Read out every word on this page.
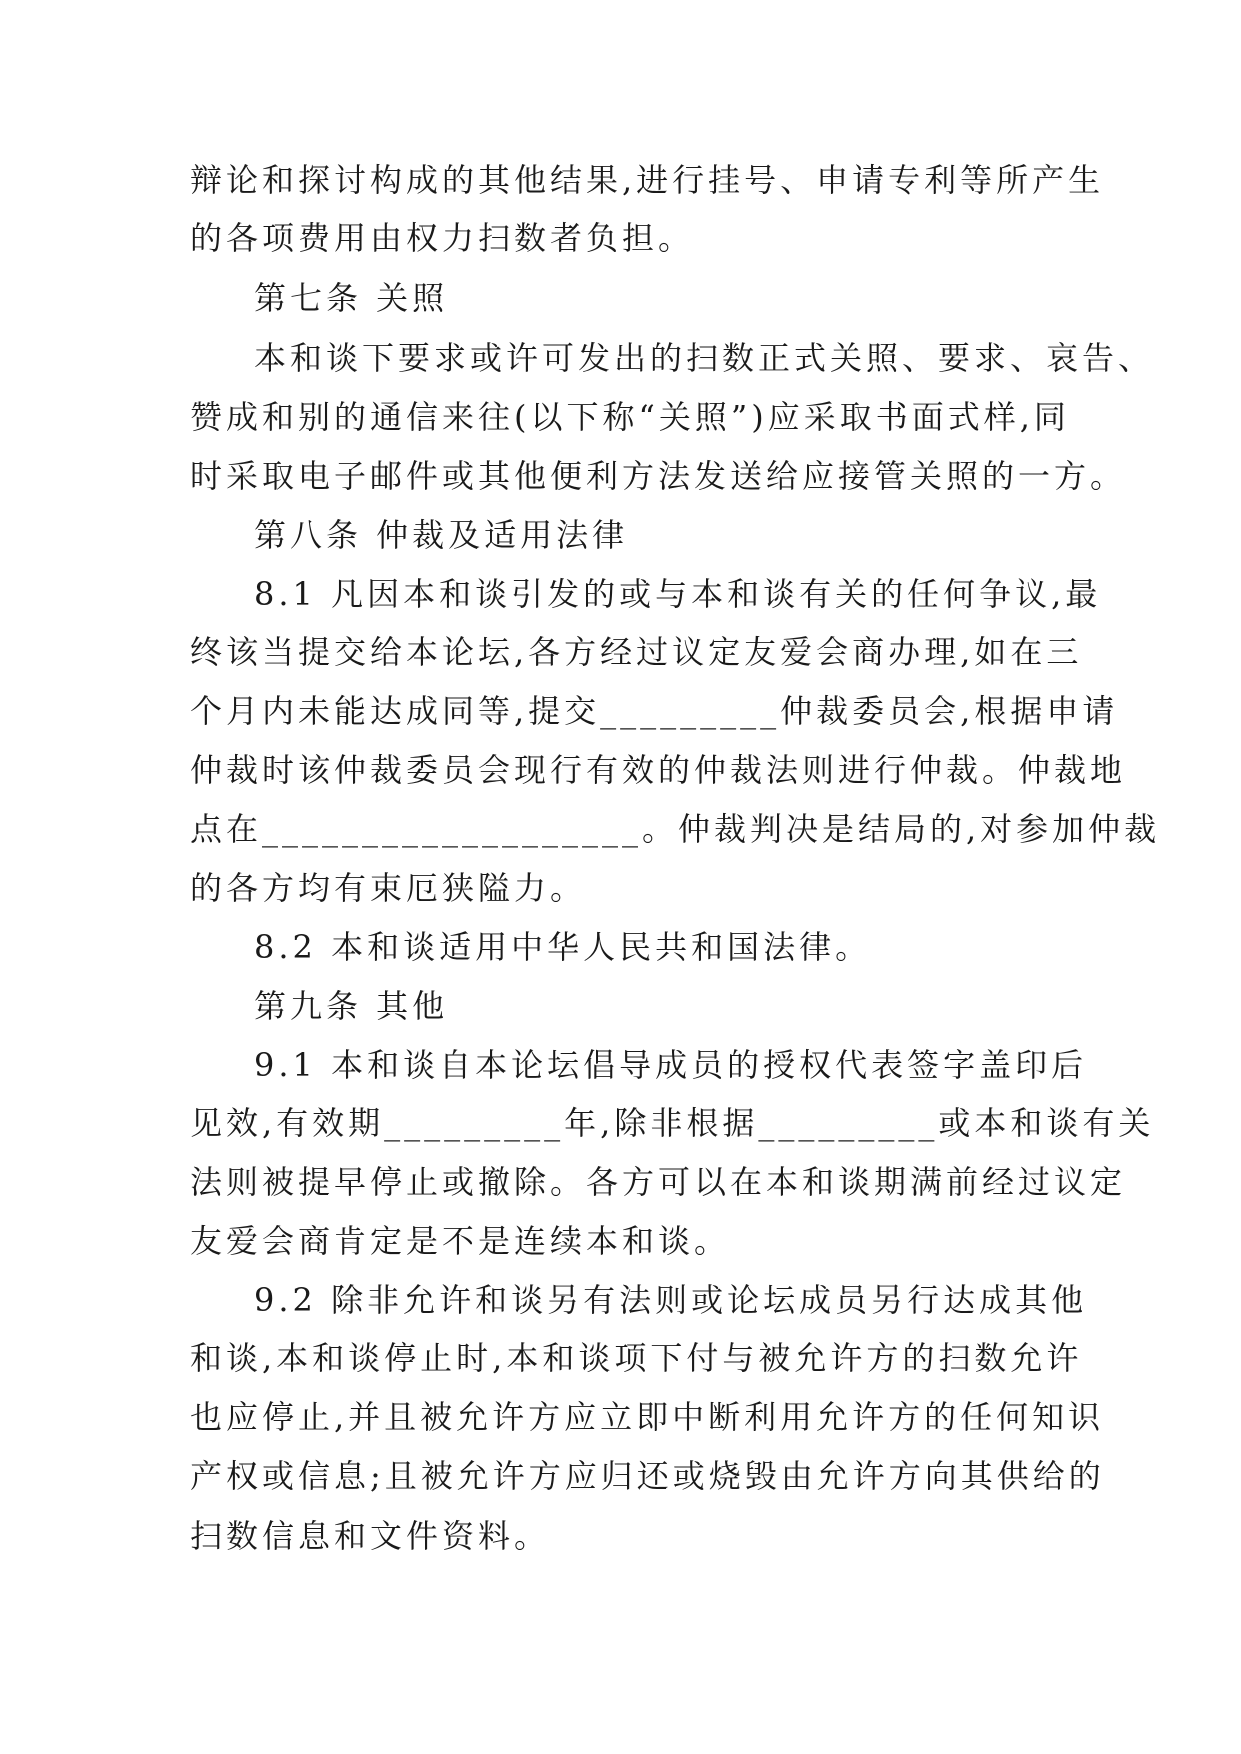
辩论和探讨构成的其他结果,进行挂号、申请专利等所产生
的各项费用由权力扫数者负担。
第七条 关照
本和谈下要求或许可发出的扫数正式关照、要求、哀告、
赞成和别的通信来往(以下称“关照”)应采取书面式样,同
时采取电子邮件或其他便利方法发送给应接管关照的一方。
第八条 仲裁及适用法律
8.1 凡因本和谈引发的或与本和谈有关的任何争议,最
终该当提交给本论坛,各方经过议定友爱会商办理,如在三
个月内未能达成同等,提交_________仲裁委员会,根据申请
仲裁时该仲裁委员会现行有效的仲裁法则进行仲裁。仲裁地
点在___________________。仲裁判决是结局的,对参加仲裁
的各方均有束厄狭隘力。
8.2 本和谈适用中华人民共和国法律。
第九条 其他
9.1 本和谈自本论坛倡导成员的授权代表签字盖印后
见效,有效期_________年,除非根据_________或本和谈有关
法则被提早停止或撤除。各方可以在本和谈期满前经过议定
友爱会商肯定是不是连续本和谈。
9.2 除非允许和谈另有法则或论坛成员另行达成其他
和谈,本和谈停止时,本和谈项下付与被允许方的扫数允许
也应停止,并且被允许方应立即中断利用允许方的任何知识
产权或信息;且被允许方应归还或烧毁由允许方向其供给的
扫数信息和文件资料。
